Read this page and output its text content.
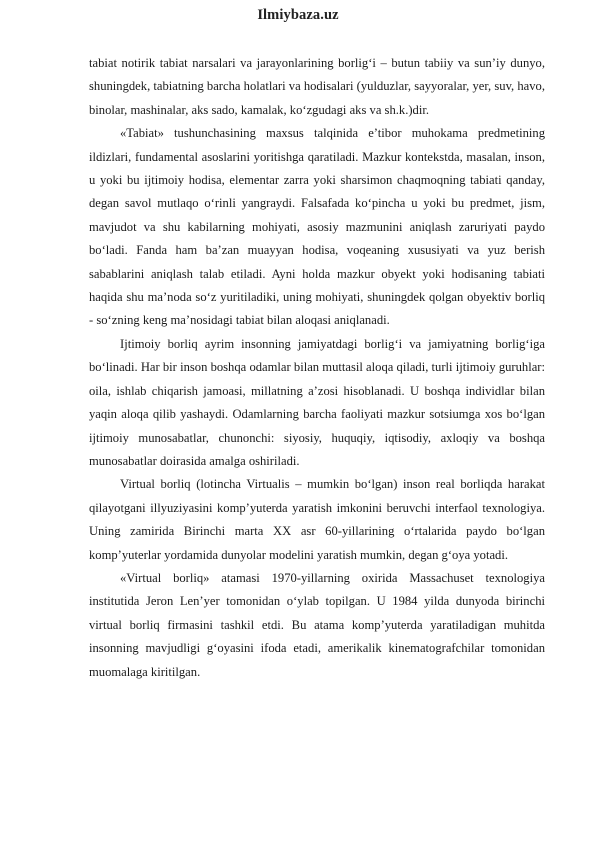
Ilmiybaza.uz

tabiat notirik tabiat narsalari va jarayonlarining borlig‘i – butun tabiiy va sun’iy dunyo, shuningdek, tabiatning barcha holatlari va hodisalari (yulduzlar, sayyoralar, yer, suv, havo, binolar, mashinalar, aks sado, kamalak, ko‘zgudagi aks va sh.k.)dir.

«Tabiat» tushunchasining maxsus talqinida e’tibor muhokama predmetining ildizlari, fundamental asoslarini yoritishga qaratiladi. Mazkur kontekstda, masalan, inson, u yoki bu ijtimoiy hodisa, elementar zarra yoki sharsimon chaqmoqning tabiati qanday, degan savol mutlaqo o‘rinli yangraydi. Falsafada ko‘pincha u yoki bu predmet, jism, mavjudot va shu kabilarning mohiyati, asosiy mazmunini aniqlash zaruriyati paydo bo‘ladi. Fanda ham ba’zan muayyan hodisa, voqeaning xususiyati va yuz berish sabablarini aniqlash talab etiladi. Ayni holda mazkur obyekt yoki hodisaning tabiati haqida shu ma’noda so‘z yuritiladiki, uning mohiyati, shuningdek qolgan obyektiv borliq - so‘zning keng ma’nosidagi tabiat bilan aloqasi aniqlanadi.

Ijtimoiy borliq ayrim insonning jamiyatdagi borlig‘i va jamiyatning borlig‘iga bo‘linadi. Har bir inson boshqa odamlar bilan muttasil aloqa qiladi, turli ijtimoiy guruhlar: oila, ishlab chiqarish jamoasi, millatning a’zosi hisoblanadi. U boshqa individlar bilan yaqin aloqa qilib yashaydi. Odamlarning barcha faoliyati mazkur sotsiumga xos bo‘lgan ijtimoiy munosabatlar, chunonchi: siyosiy, huquqiy, iqtisodiy, axloqiy va boshqa munosabatlar doirasida amalga oshiriladi.

Virtual borliq (lotincha Virtualis – mumkin bo‘lgan) inson real borliqda harakat qilayotgani illyuziyasini komp’yuterda yaratish imkonini beruvchi interfaol texnologiya. Uning zamirida Birinchi marta XX asr 60-yillarining o‘rtalarida paydo bo‘lgan komp’yuterlar yordamida dunyolar modelini yaratish mumkin, degan g‘oya yotadi.

«Virtual borliq» atamasi 1970-yillarning oxirida Massachuset texnologiya institutida Jeron Len’yer tomonidan o‘ylab topilgan. U 1984 yilda dunyoda birinchi virtual borliq firmasini tashkil etdi. Bu atama komp’yuterda yaratiladigan muhitda insonning mavjudligi g‘oyasini ifoda etadi, amerikalik kinematografchilar tomonidan muomalaga kiritilgan.
